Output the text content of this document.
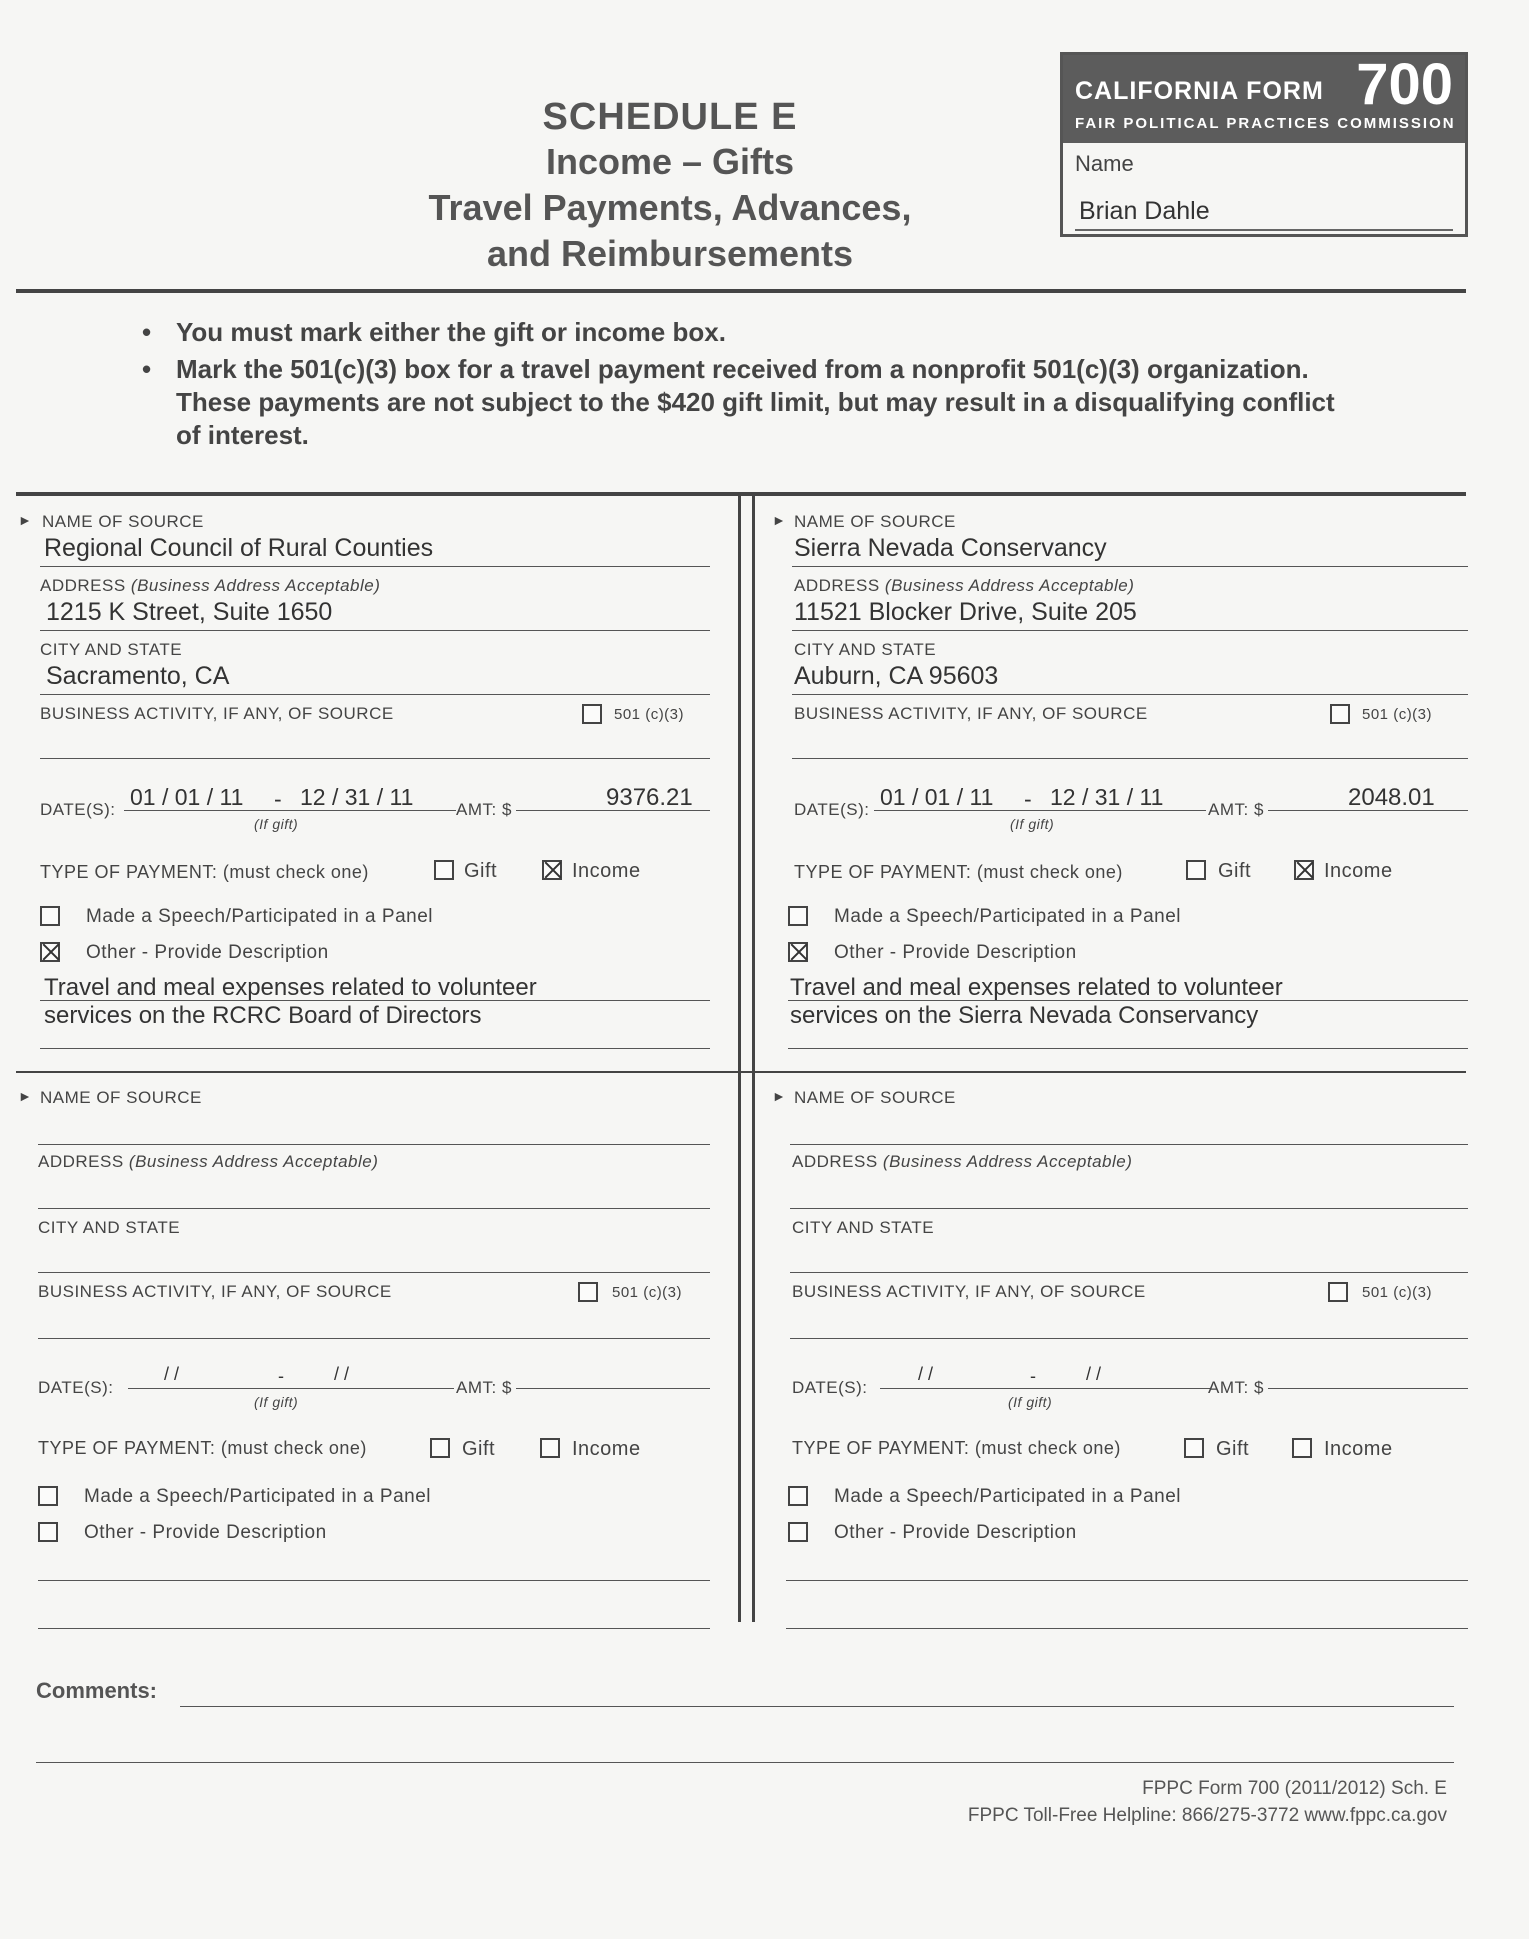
SCHEDULE E
Income – Gifts
Travel Payments, Advances,
and Reimbursements
CALIFORNIA FORM 700
FAIR POLITICAL PRACTICES COMMISSION
Name
Brian Dahle
• You must mark either the gift or income box.
• Mark the 501(c)(3) box for a travel payment received from a nonprofit 501(c)(3) organization. These payments are not subject to the $420 gift limit, but may result in a disqualifying conflict of interest.
► NAME OF SOURCE
Regional Council of Rural Counties
ADDRESS (Business Address Acceptable)
1215 K Street, Suite 1650
CITY AND STATE
Sacramento, CA
BUSINESS ACTIVITY, IF ANY, OF SOURCE	501 (c)(3)
DATE(S): 01 / 01 / 11 - 12 / 31 / 11
(If gift)
AMT: $	9376.21
TYPE OF PAYMENT: (must check one)	Gift	Income
Made a Speech/Participated in a Panel
Other - Provide Description
Travel and meal expenses related to volunteer
services on the RCRC Board of Directors
► NAME OF SOURCE
Sierra Nevada Conservancy
ADDRESS (Business Address Acceptable)
11521 Blocker Drive, Suite 205
CITY AND STATE
Auburn, CA 95603
BUSINESS ACTIVITY, IF ANY, OF SOURCE	501 (c)(3)
DATE(S): 01 / 01 / 11 - 12 / 31 / 11
(If gift)
AMT: $	2048.01
TYPE OF PAYMENT: (must check one)	Gift	Income
Made a Speech/Participated in a Panel
Other - Provide Description
Travel and meal expenses related to volunteer
services on the Sierra Nevada Conservancy
► NAME OF SOURCE
ADDRESS (Business Address Acceptable)
CITY AND STATE
BUSINESS ACTIVITY, IF ANY, OF SOURCE	501 (c)(3)
DATE(S):
/ /	-	/ /
(If gift)
AMT: $
TYPE OF PAYMENT: (must check one)	Gift	Income
Made a Speech/Participated in a Panel
Other - Provide Description
► NAME OF SOURCE
ADDRESS (Business Address Acceptable)
CITY AND STATE
BUSINESS ACTIVITY, IF ANY, OF SOURCE	501 (c)(3)
DATE(S):
/ /	-	/ /
(If gift)
AMT: $
TYPE OF PAYMENT: (must check one)	Gift	Income
Made a Speech/Participated in a Panel
Other - Provide Description
Comments:
FPPC Form 700 (2011/2012) Sch. E
FPPC Toll-Free Helpline: 866/275-3772 www.fppc.ca.gov
